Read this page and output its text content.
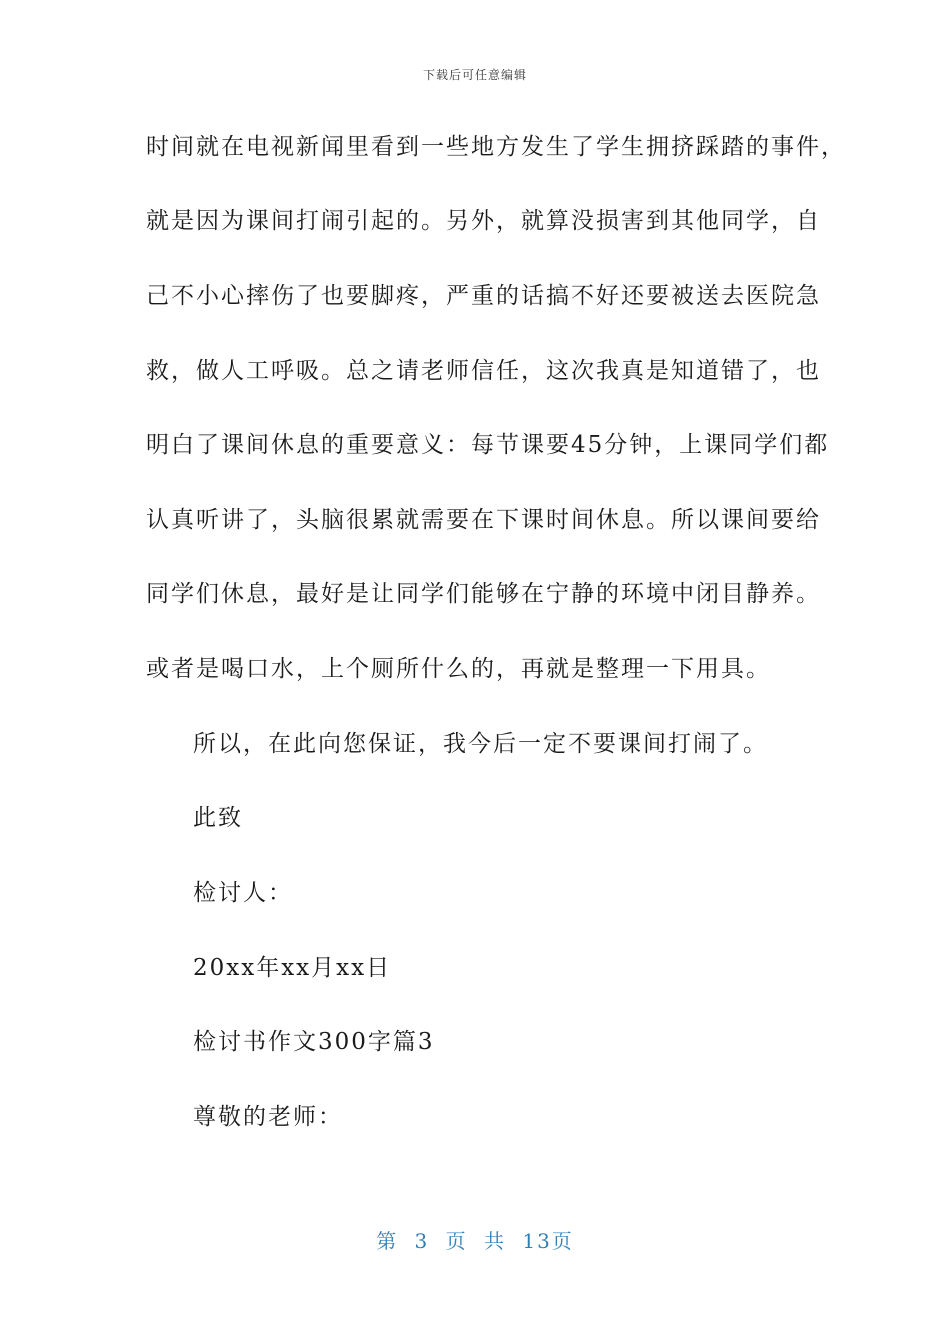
下载后可任意编辑
时间就在电视新闻里看到一些地方发生了学生拥挤踩踏的事件，
就是因为课间打闹引起的。另外，就算没损害到其他同学，自
己不小心摔伤了也要脚疼，严重的话搞不好还要被送去医院急
救，做人工呼吸。总之请老师信任，这次我真是知道错了，也
明白了课间休息的重要意义：每节课要45分钟，上课同学们都
认真听讲了，头脑很累就需要在下课时间休息。所以课间要给
同学们休息，最好是让同学们能够在宁静的环境中闭目静养。
或者是喝口水，上个厕所什么的，再就是整理一下用具。
所以，在此向您保证，我今后一定不要课间打闹了。
此致
检讨人：
20xx年xx月xx日
检讨书作文300字篇3
尊敬的老师：
第 3 页 共 13页
